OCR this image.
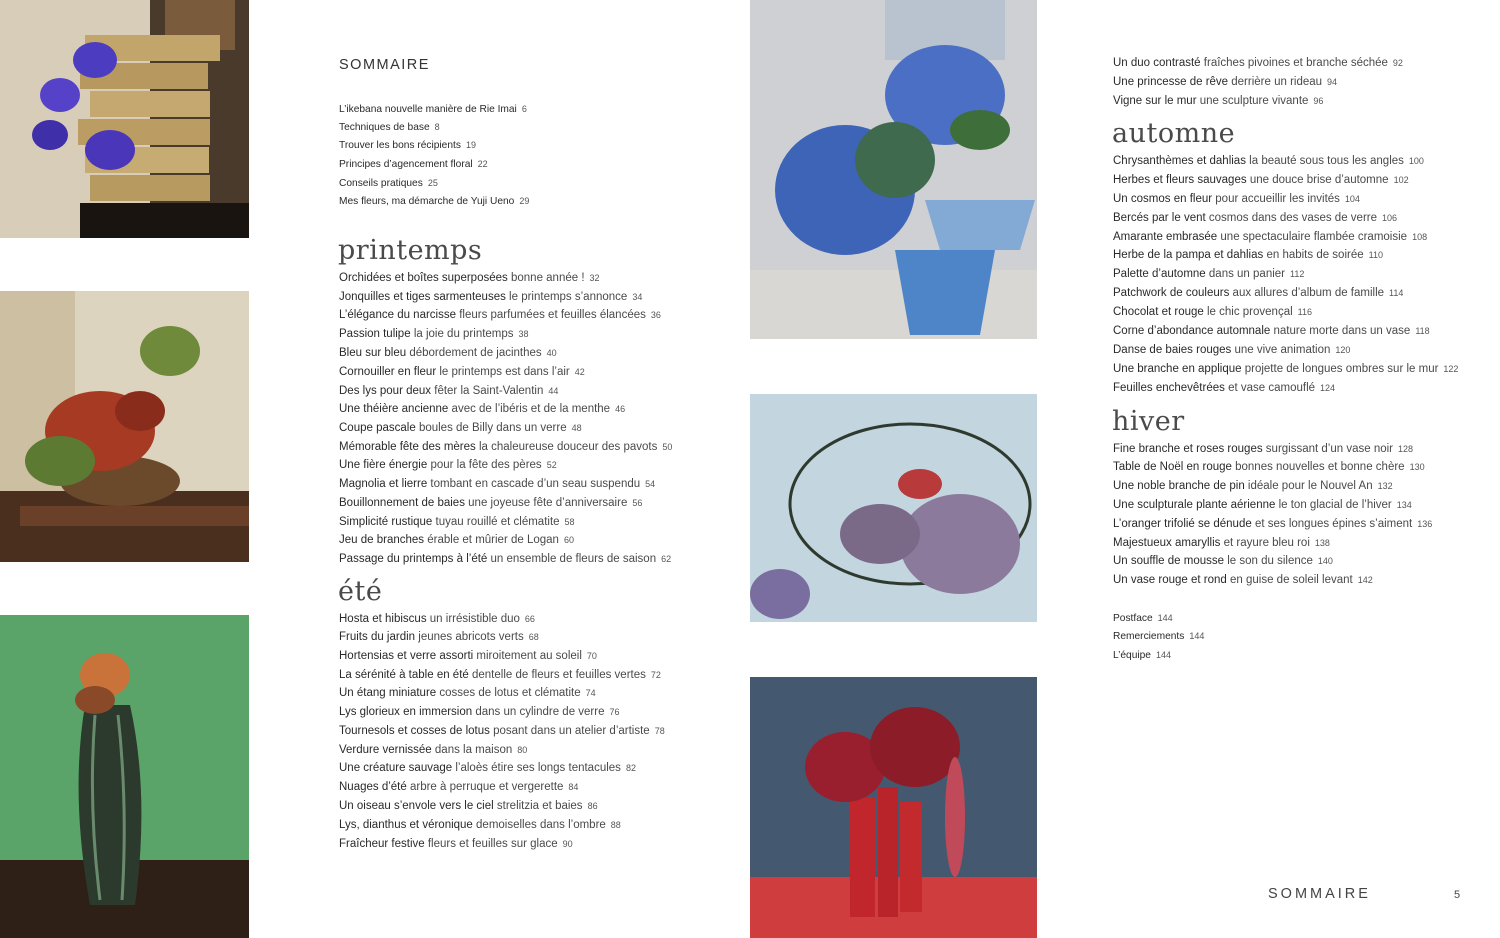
SOMMAIRE
L’ikebana nouvelle manière de Rie Imai 6
Techniques de base 8
Trouver les bons récipients 19
Principes d’agencement floral 22
Conseils pratiques 25
Mes fleurs, ma démarche de Yuji Ueno 29
printemps
Orchidées et boîtes superposées bonne année ! 32
Jonquilles et tiges sarmenteuses le printemps s’annonce 34
L’élégance du narcisse fleurs parfumées et feuilles élancées 36
Passion tulipe la joie du printemps 38
Bleu sur bleu débordement de jacinthes 40
Cornouiller en fleur le printemps est dans l’air 42
Des lys pour deux fêter la Saint-Valentin 44
Une théière ancienne avec de l’ibéris et de la menthe 46
Coupe pascale boules de Billy dans un verre 48
Mémorable fête des mères la chaleureuse douceur des pavots 50
Une fière énergie pour la fête des pères 52
Magnolia et lierre tombant en cascade d’un seau suspendu 54
Bouillonnement de baies une joyeuse fête d’anniversaire 56
Simplicité rustique tuyau rouillé et clématite 58
Jeu de branches érable et mûrier de Logan 60
Passage du printemps à l’été un ensemble de fleurs de saison 62
été
Hosta et hibiscus un irrésistible duo 66
Fruits du jardin jeunes abricots verts 68
Hortensias et verre assorti miroitement au soleil 70
La sérénité à table en été dentelle de fleurs et feuilles vertes 72
Un étang miniature cosses de lotus et clématite 74
Lys glorieux en immersion dans un cylindre de verre 76
Tournesols et cosses de lotus posant dans un atelier d’artiste 78
Verdure vernissée dans la maison 80
Une créature sauvage l’aloès étire ses longs tentacules 82
Nuages d’été arbre à perruque et vergerette 84
Un oiseau s’envole vers le ciel strelitzia et baies 86
Lys, dianthus et véronique demoiselles dans l’ombre 88
Fraîcheur festive fleurs et feuilles sur glace 90
Un duo contrasté fraîches pivoines et branche séchée 92
Une princesse de rêve derrière un rideau 94
Vigne sur le mur une sculpture vivante 96
automne
Chrysanthèmes et dahlias la beauté sous tous les angles 100
Herbes et fleurs sauvages une douce brise d’automne 102
Un cosmos en fleur pour accueillir les invités 104
Bercés par le vent cosmos dans des vases de verre 106
Amarante embrasée une spectaculaire flambée cramoisie 108
Herbe de la pampa et dahlias en habits de soirée 110
Palette d’automne dans un panier 112
Patchwork de couleurs aux allures d’album de famille 114
Chocolat et rouge le chic provençal 116
Corne d’abondance automnale nature morte dans un vase 118
Danse de baies rouges une vive animation 120
Une branche en applique projette de longues ombres sur le mur 122
Feuilles enchevêtrées et vase camouflé 124
hiver
Fine branche et roses rouges surgissant d’un vase noir 128
Table de Noël en rouge bonnes nouvelles et bonne chère 130
Une noble branche de pin idéale pour le Nouvel An 132
Une sculpturale plante aérienne le ton glacial de l’hiver 134
L’oranger trifolié se dénude et ses longues épines s’aiment 136
Majestueux amaryllis et rayure bleu roi 138
Un souffle de mousse le son du silence 140
Un vase rouge et rond en guise de soleil levant 142
Postface 144
Remerciements 144
L’équipe 144
SOMMAIRE	5
